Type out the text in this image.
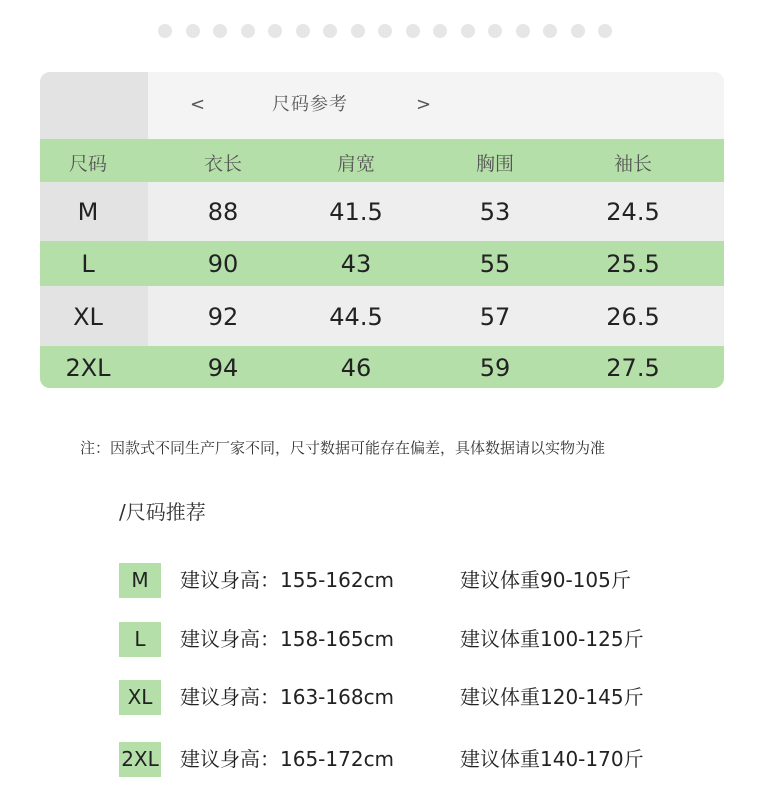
<	尺码参考	>
尺码	衣长	肩宽	胸围	袖长
M	88	41.5	53	24.5
L	90	43	55	25.5
XL	92	44.5	57	26.5
2XL	94	46	59	27.5
注：因款式不同生产厂家不同，尺寸数据可能存在偏差，具体数据请以实物为准
/尺码推荐
M	建议身高：155-162cm	建议体重90-105斤
L	建议身高：158-165cm	建议体重100-125斤
XL	建议身高：163-168cm	建议体重120-145斤
2XL 建议身高：165-172cm	建议体重140-170斤
